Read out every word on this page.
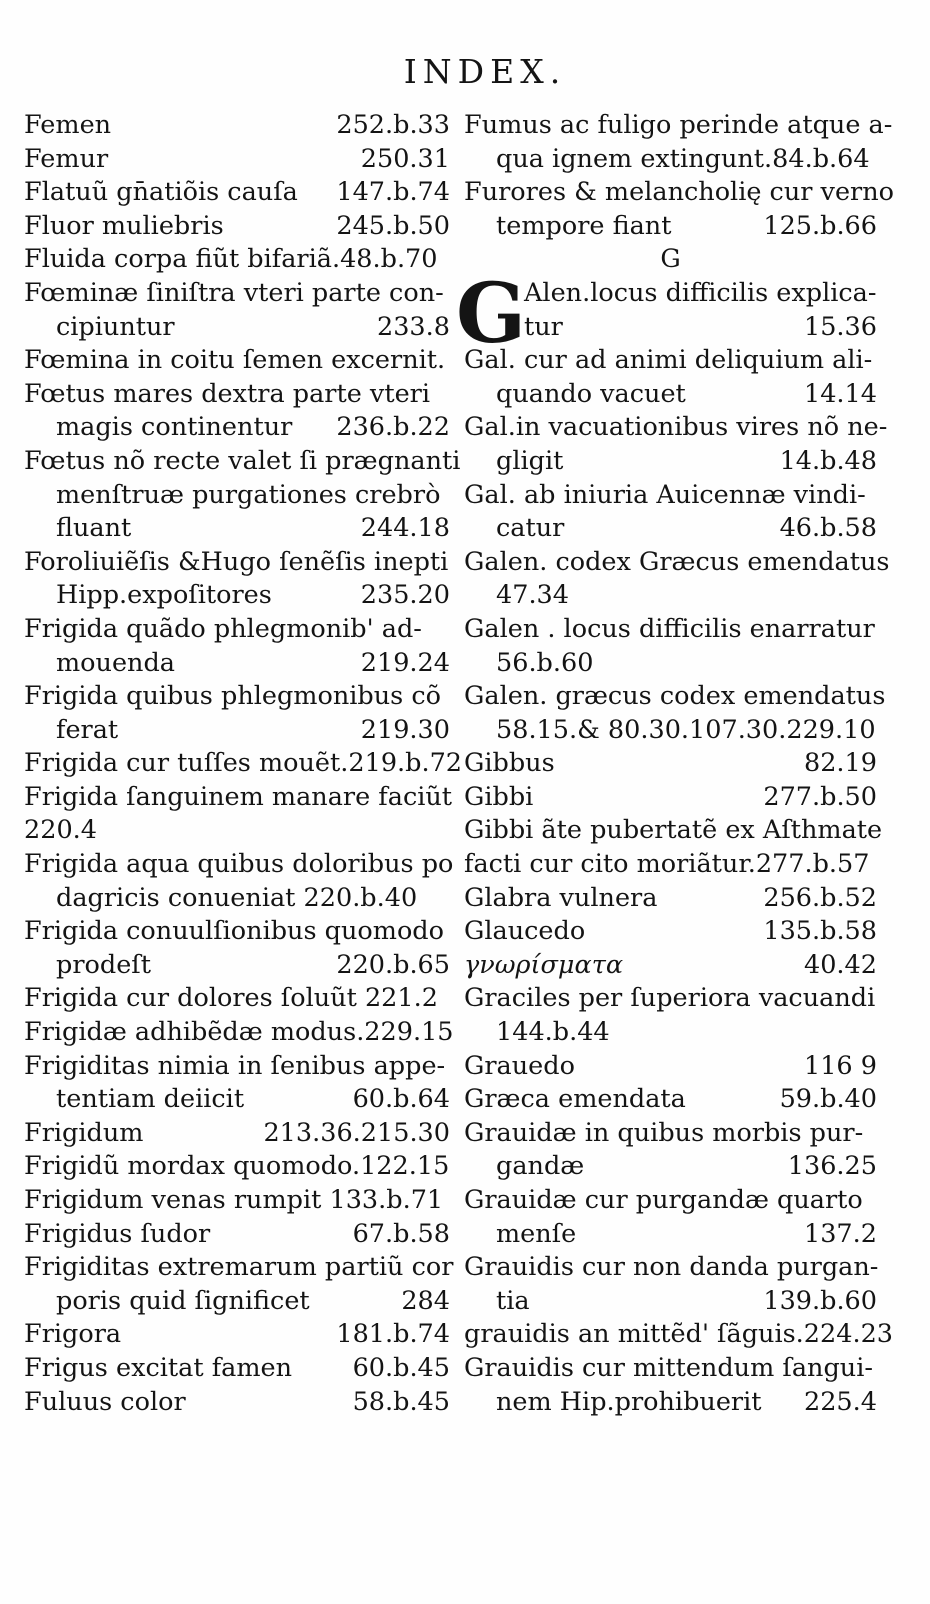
INDEX.
Femen	252.b.33
Femur	250.31
Flatuũ gn̄atiõis cauſa 147.b.74
Fluor muliebris	245.b.50
Fluida corpa fiũt bifariã.48.b.70
Fœminæ ſiniſtra vteri parte con-
cipiuntur	233.8
Fœmina in coitu ſemen excernit.
Fœtus mares dextra parte vteri
magis continentur 236.b.22
Fœtus nõ recte valet ſi prægnanti
menſtruæ purgationes crebrò
fluant	244.18
Foroliuiẽſis &Hugo ſenẽſis inepti
Hipp.expoſitores	235.20
Frigida quãdo phlegmonib' ad-
mouenda	219.24
Frigida quibus phlegmonibus cõ
ferat	219.30
Frigida cur tuſſes mouẽt.219.b.72
Frigida ſanguinem manare faciũt
220.4
Frigida aqua quibus doloribus po
dagricis conueniat 220.b.40
Frigida conuulſionibus quomodo
prodeſt	220.b.65
Frigida cur dolores ſoluũt 221.2
Frigidæ adhibẽdæ modus.229.15
Frigiditas nimia in ſenibus appe-
tentiam deiicit	60.b.64
Frigidum	213.36.215.30
Frigidũ mordax quomodo.122.15
Frigidum venas rumpit 133.b.71
Frigidus ſudor	67.b.58
Frigiditas extremarum partiũ cor
poris quid ſignificet	284
Frigora	181.b.74
Frigus excitat famen 60.b.45
Fuluus color	58.b.45
G
Fumus ac fuligo perinde atque a-
qua ignem extingunt.84.b.64
Furores & melancholię cur verno
tempore fiant	125.b.66
G
Alen.locus difficilis explica-
tur	15.36
Gal. cur ad animi deliquium ali-
quando vacuet	14.14
Gal.in vacuationibus vires nõ ne-
gligit	14.b.48
Gal. ab iniuria Auicennæ vindi-
catur	46.b.58
Galen. codex Græcus emendatus
47.34
Galen . locus difficilis enarratur
56.b.60
Galen. græcus codex emendatus
58.15.& 80.30.107.30.229.10
Gibbus	82.19
Gibbi	277.b.50
Gibbi ãte pubertatẽ ex Aſthmate
facti cur cito moriãtur.277.b.57
Glabra vulnera	256.b.52
Glaucedo	135.b.58
γνωρίσματα	40.42
Graciles per ſuperiora vacuandi
144.b.44
Grauedo	116 9
Græca emendata	59.b.40
Grauidæ in quibus morbis pur-
gandæ	136.25
Grauidæ cur purgandæ quarto
menſe	137.2
Grauidis cur non danda purgan-
tia	139.b.60
grauidis an mittẽd' ſãguis.224.23
Grauidis cur mittendum ſangui-
nem Hip.prohibuerit 225.4
